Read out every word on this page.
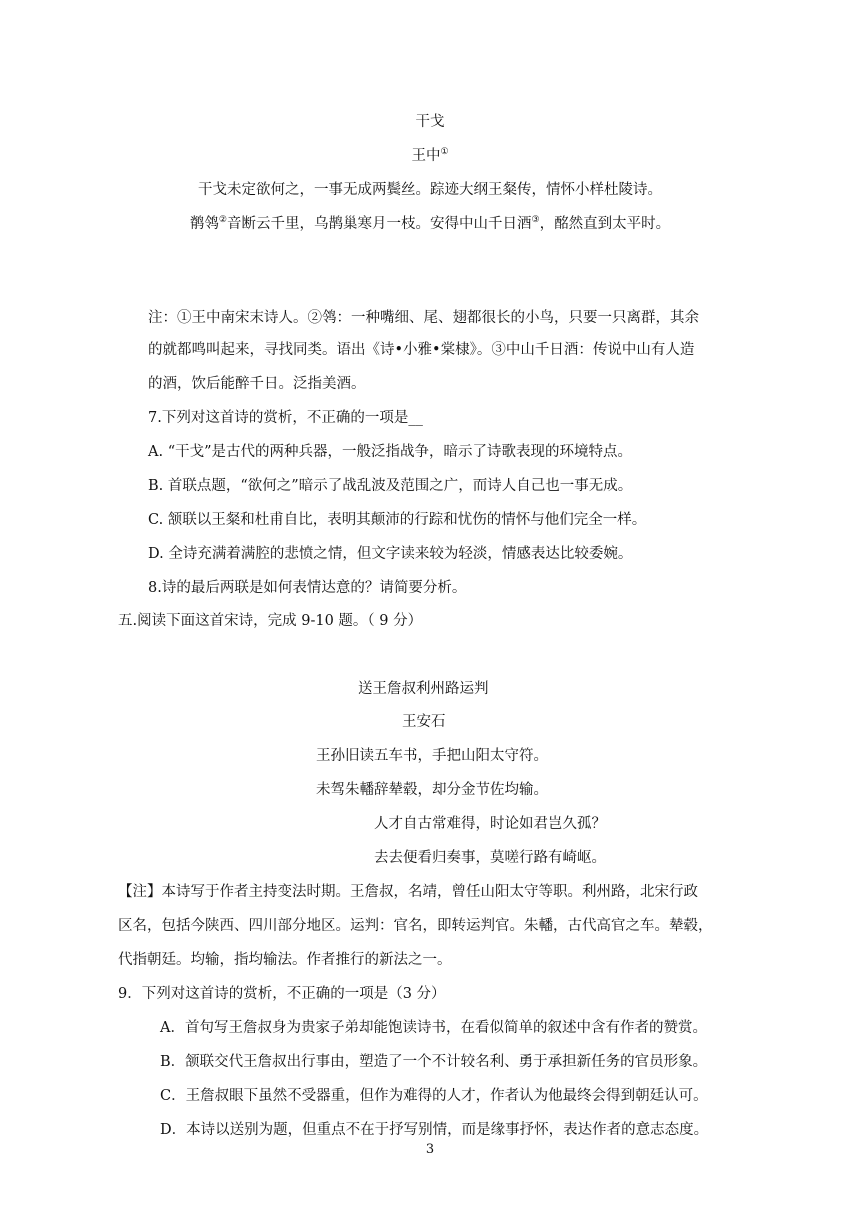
干戈
王中①
干戈未定欲何之，一事无成两鬓丝。踪迹大纲王粲传，情怀小样杜陵诗。
鹡鸰②音断云千里，乌鹊巢寒月一枝。安得中山千日酒③，酩然直到太平时。
注：①王中南宋末诗人。②鸰：一种嘴细、尾、翅都很长的小鸟，只要一只离群，其余
的就都鸣叫起来，寻找同类。语出《诗•小雅•棠棣》。③中山千日酒：传说中山有人造
的酒，饮后能醉千日。泛指美酒。
7.下列对这首诗的赏析，不正确的一项是__
A. “干戈”是古代的两种兵器，一般泛指战争，暗示了诗歌表现的环境特点。
B. 首联点题，“欲何之”暗示了战乱波及范围之广，而诗人自己也一事无成。
C. 颔联以王粲和杜甫自比，表明其颠沛的行踪和忧伤的情怀与他们完全一样。
D. 全诗充满着满腔的悲愤之情，但文字读来较为轻淡，情感表达比较委婉。
8.诗的最后两联是如何表情达意的？请简要分析。
五.阅读下面这首宋诗，完成 9-10 题。（ 9 分）
送王詹叔利州路运判
王安石
王孙旧读五车书，手把山阳太守符。
未驾朱轓辞辇毂，却分金节佐均输。
人才自古常难得，时论如君岂久孤？
去去便看归奏事，莫嗟行路有崎岖。
【注】本诗写于作者主持变法时期。王詹叔，名靖，曾任山阳太守等职。利州路，北宋行政
区名，包括今陕西、四川部分地区。运判：官名，即转运判官。朱轓，古代高官之车。辇毂，
代指朝廷。均输，指均输法。作者推行的新法之一。
9．下列对这首诗的赏析，不正确的一项是（3 分）
A．首句写王詹叔身为贵家子弟却能饱读诗书，在看似简单的叙述中含有作者的赞赏。
B．颔联交代王詹叔出行事由，塑造了一个不计较名利、勇于承担新任务的官员形象。
C．王詹叔眼下虽然不受器重，但作为难得的人才，作者认为他最终会得到朝廷认可。
D．本诗以送别为题，但重点不在于抒写别情，而是缘事抒怀，表达作者的意志态度。
3
